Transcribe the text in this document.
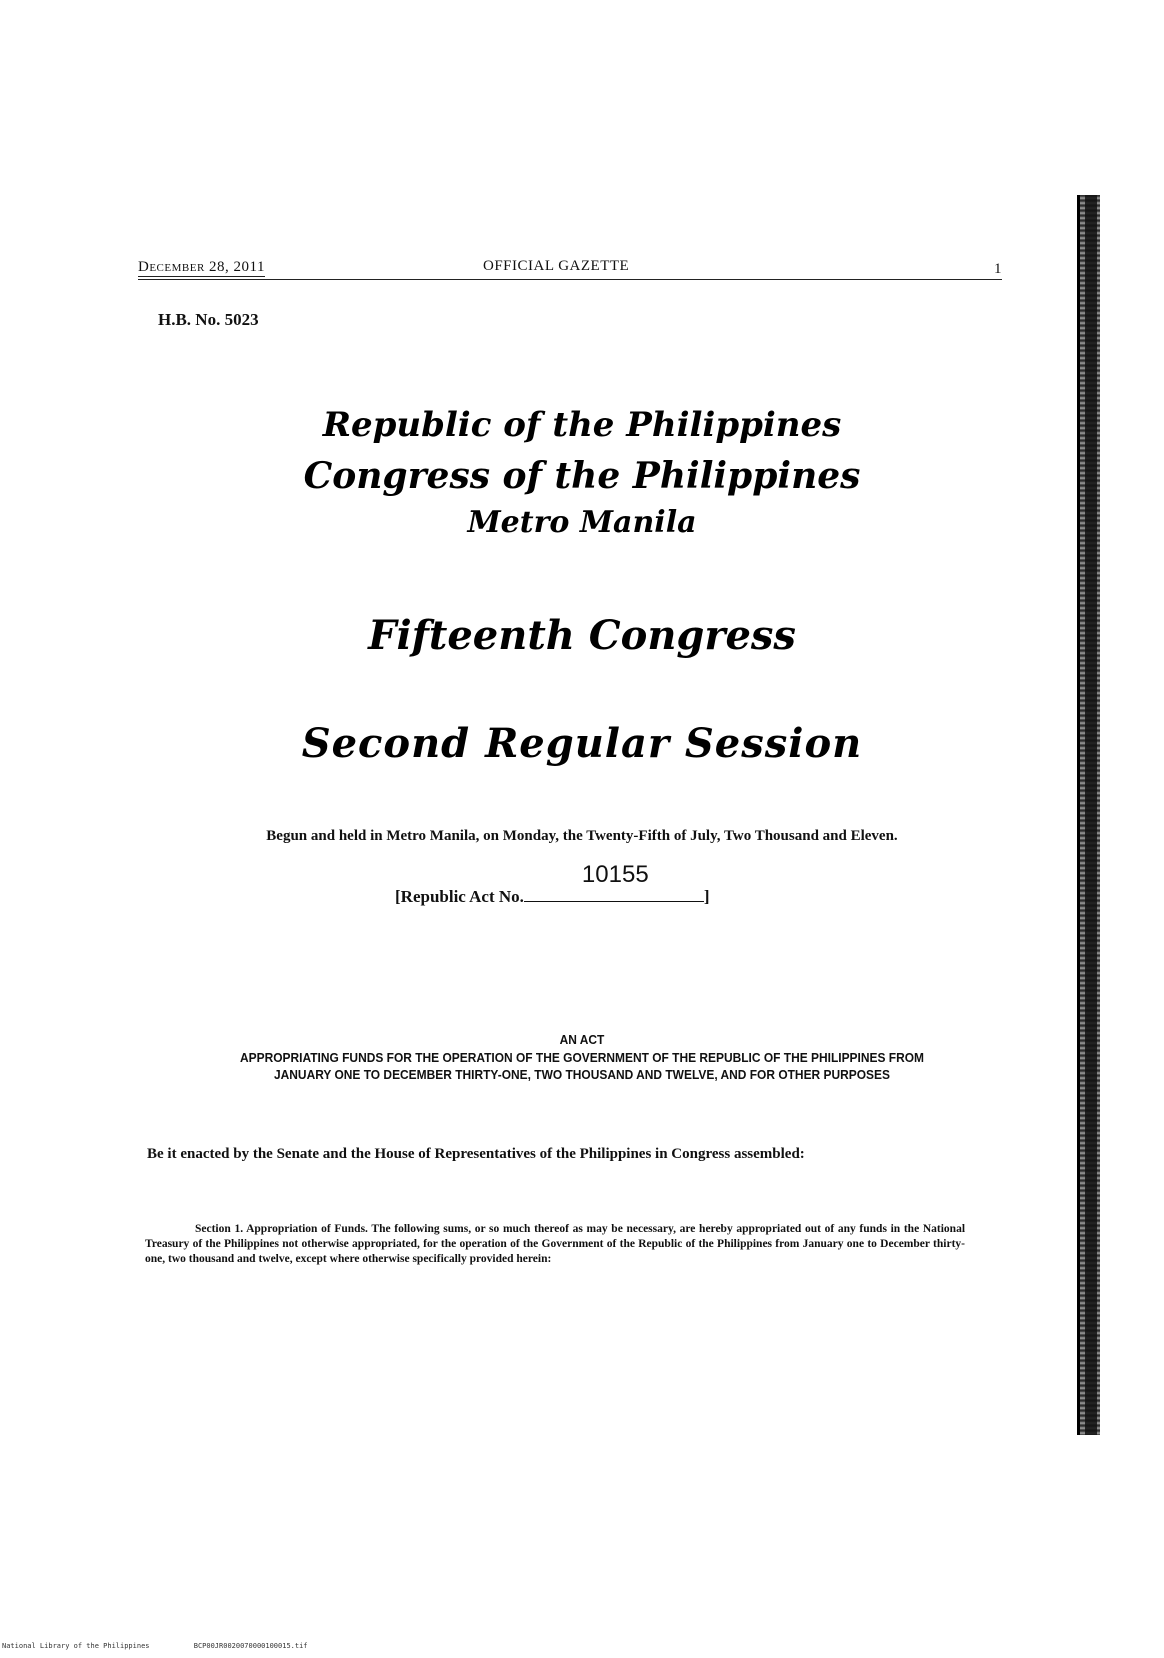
December 28, 2011	OFFICIAL GAZETTE	1
H.B. No. 5023
Republic of the Philippines
Congress of the Philippines
Metro Manila
Fifteenth Congress
Second Regular Session
Begun and held in Metro Manila, on Monday, the Twenty-Fifth of July, Two Thousand and Eleven.
[Republic Act No.
10155
]
AN ACT
APPROPRIATING FUNDS FOR THE OPERATION OF THE GOVERNMENT OF THE REPUBLIC OF THE PHILIPPINES FROM
JANUARY ONE TO DECEMBER THIRTY-ONE, TWO THOUSAND AND TWELVE, AND FOR OTHER PURPOSES
Be it enacted by the Senate and the House of Representatives of the Philippines in Congress assembled:
Section 1. Appropriation of Funds. The following sums, or so much thereof as may be necessary, are hereby appropriated out of any funds in the National Treasury of the Philippines not otherwise appropriated, for the operation of the Government of the Republic of the Philippines from January one to December thirty-one, two thousand and twelve, except where otherwise specifically provided herein:
National Library of the Philippines	BCP00JR0020070000100015.tif
